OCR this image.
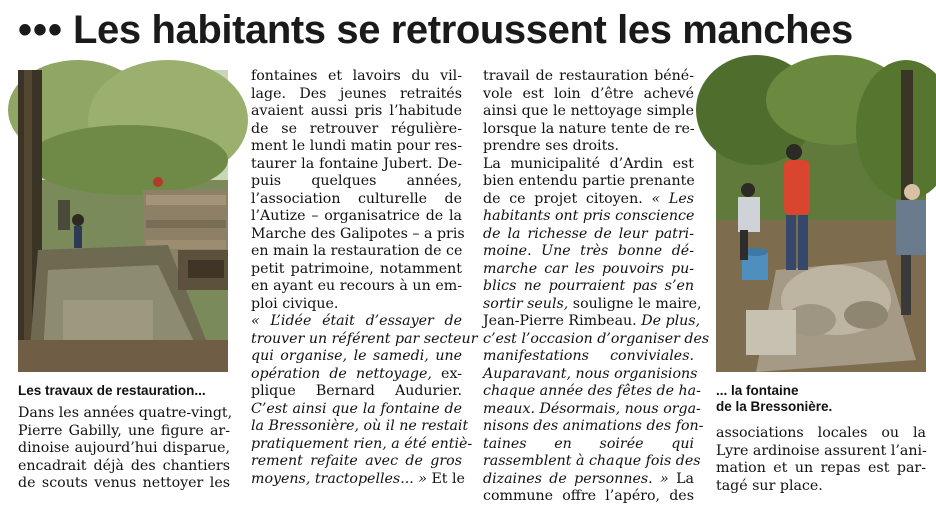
••• Les habitants se retroussent les manches
Les travaux de restauration...
Dans les années quatre-vingt,
Pierre Gabilly, une figure ar-
dinoise aujourd’hui disparue,
encadrait déjà des chantiers
de scouts venus nettoyer les
fontaines et lavoirs du vil-
lage. Des jeunes retraités
avaient aussi pris l’habitude
de se retrouver régulière-
ment le lundi matin pour res-
taurer la fontaine Jubert. De-
puis quelques années,
l’association culturelle de
l’Autize – organisatrice de la
Marche des Galipotes – a pris
en main la restauration de ce
petit patrimoine, notamment
en ayant eu recours à un em-
ploi civique.
« L’idée était d’essayer de
trouver un référent par secteur
qui organise, le samedi, une
opération de nettoyage, ex-
plique Bernard Audurier.
C’est ainsi que la fontaine de
la Bressonière, où il ne restait
pratiquement rien, a été entiè-
rement refaite avec de gros
moyens, tractopelles... » Et le
travail de restauration béné-
vole est loin d’être achevé
ainsi que le nettoyage simple
lorsque la nature tente de re-
prendre ses droits.
La municipalité d’Ardin est
bien entendu partie prenante
de ce projet citoyen. « Les
habitants ont pris conscience
de la richesse de leur patri-
moine. Une très bonne dé-
marche car les pouvoirs pu-
blics ne pourraient pas s’en
sortir seuls, souligne le maire,
Jean-Pierre Rimbeau. De plus,
c’est l’occasion d’organiser des
manifestations conviviales.
Auparavant, nous organisions
chaque année des fêtes de ha-
meaux. Désormais, nous orga-
nisons des animations des fon-
taines en soirée qui
rassemblent à chaque fois des
dizaines de personnes. » La
commune offre l’apéro, des
... la fontaine
de la Bressonière.
associations locales ou la
Lyre ardinoise assurent l’ani-
mation et un repas est par-
tagé sur place.
